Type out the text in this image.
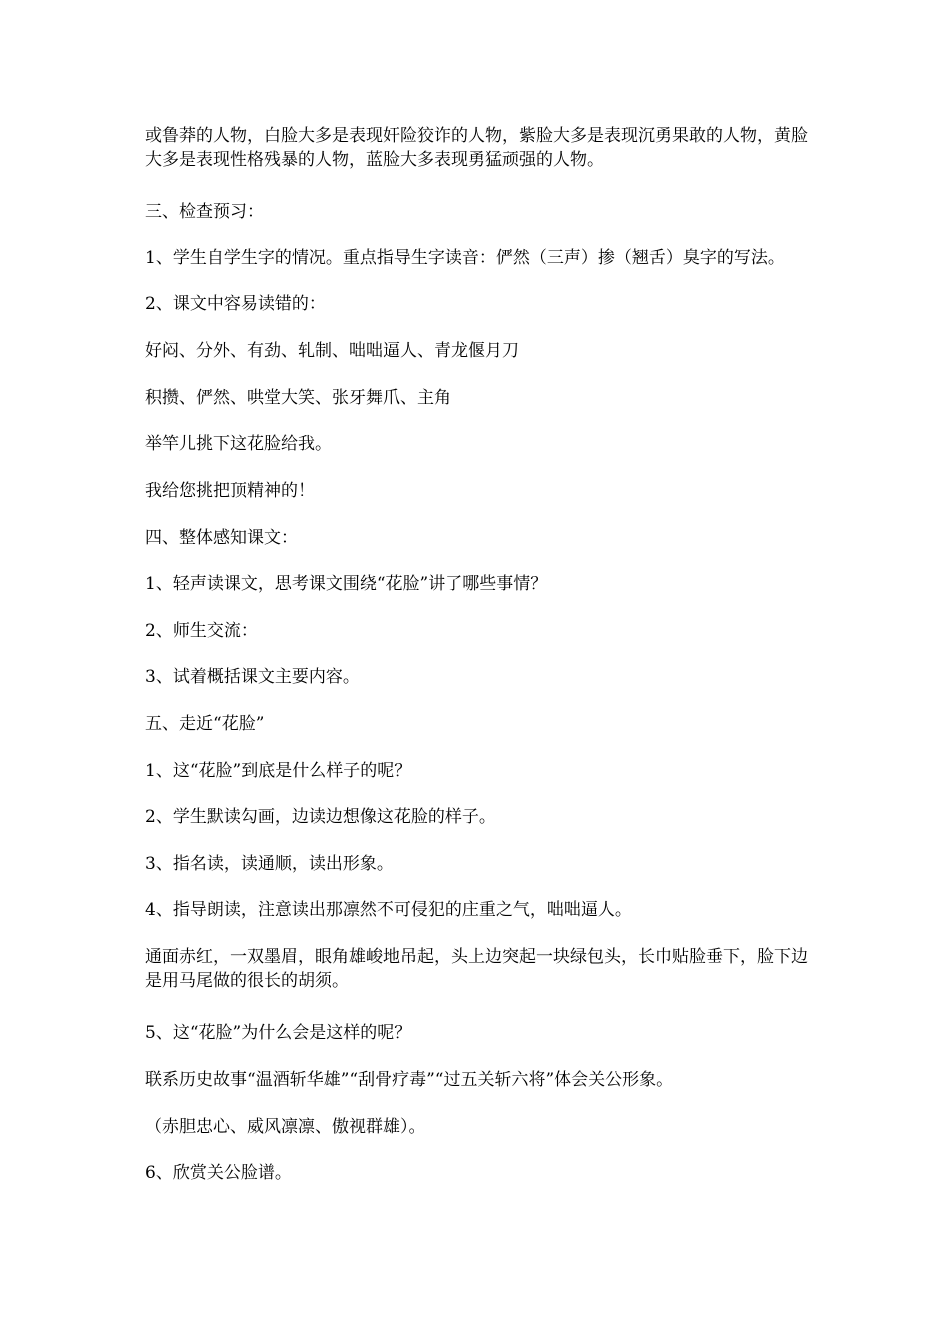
或鲁莽的人物，白脸大多是表现奸险狡诈的人物，紫脸大多是表现沉勇果敢的人物，黄脸大多是表现性格残暴的人物，蓝脸大多表现勇猛顽强的人物。

三、检查预习：

1、学生自学生字的情况。重点指导生字读音：俨然（三声）掺（翘舌）臭字的写法。

2、课文中容易读错的：

好闷、分外、有劲、轧制、咄咄逼人、青龙偃月刀

积攒、俨然、哄堂大笑、张牙舞爪、主角

举竿儿挑下这花脸给我。

我给您挑把顶精神的！

四、整体感知课文：

1、轻声读课文，思考课文围绕“花脸”讲了哪些事情？

2、师生交流：

3、试着概括课文主要内容。

五、走近“花脸”

1、这“花脸”到底是什么样子的呢？

2、学生默读勾画，边读边想像这花脸的样子。

3、指名读，读通顺，读出形象。

4、指导朗读，注意读出那凛然不可侵犯的庄重之气，咄咄逼人。

通面赤红，一双墨眉，眼角雄峻地吊起，头上边突起一块绿包头，长巾贴脸垂下，脸下边是用马尾做的很长的胡须。

5、这“花脸”为什么会是这样的呢？

联系历史故事“温酒斩华雄”“刮骨疗毒”“过五关斩六将”体会关公形象。

（赤胆忠心、威风凛凛、傲视群雄）。

6、欣赏关公脸谱。
